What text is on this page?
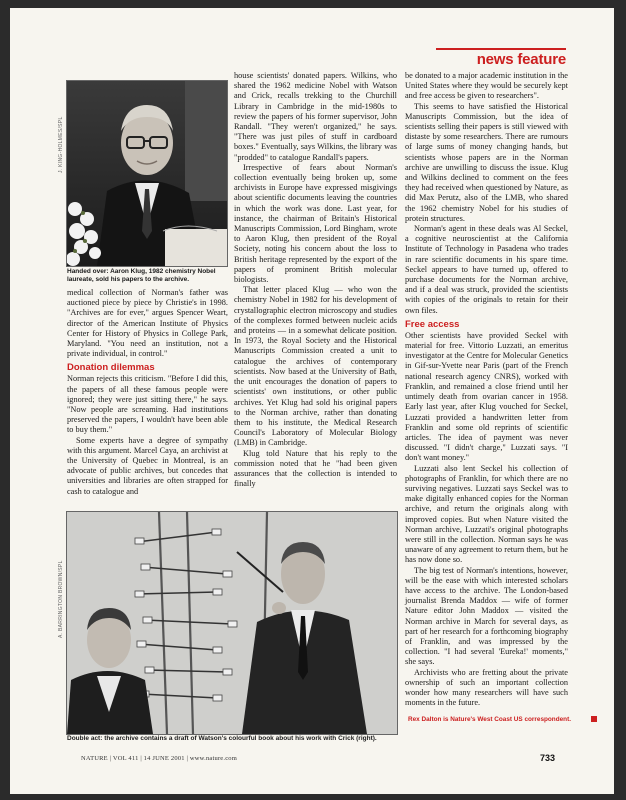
news feature
J. KING-HOLMES/SPL
Handed over: Aaron Klug, 1982 chemistry Nobel laureate, sold his papers to the archive.

medical collection of Norman's father was auctioned piece by piece by Christie's in 1998. "Archives are for ever," argues Spencer Weart, director of the American Institute of Physics Center for History of Physics in College Park, Maryland. "You need an institution, not a private individual, in control."

Donation dilemmas

Norman rejects this criticism. "Before I did this, the papers of all these famous people were ignored; they were just sitting there," he says. "Now people are screaming. Had institutions preserved the papers, I wouldn't have been able to buy them."

Some experts have a degree of sympathy with this argument. Marcel Caya, an archivist at the University of Quebec in Montreal, is an advocate of public archives, but concedes that universities and libraries are often strapped for cash to catalogue and

house scientists' donated papers. Wilkins, who shared the 1962 medicine Nobel with Watson and Crick, recalls trekking to the Churchill Library in Cambridge in the mid-1980s to review the papers of his former supervisor, John Randall. "They weren't organized," he says. "There was just piles of stuff in cardboard boxes." Eventually, says Wilkins, the library was "prodded" to catalogue Randall's papers.

Irrespective of fears about Norman's collection eventually being broken up, some archivists in Europe have expressed misgivings about scientific documents leaving the countries in which the work was done. Last year, for instance, the chairman of Britain's Historical Manuscripts Commission, Lord Bingham, wrote to Aaron Klug, then president of the Royal Society, noting his concern about the loss to British heritage represented by the export of the papers of prominent British molecular biologists.

That letter placed Klug — who won the chemistry Nobel in 1982 for his development of crystallographic electron microscopy and studies of the complexes formed between nucleic acids and proteins — in a somewhat delicate position. In 1973, the Royal Society and the Historical Manuscripts Commission created a unit to catalogue the archives of contemporary scientists. Now based at the University of Bath, the unit encourages the donation of papers to scientists' own institutions, or other public archives. Yet Klug had sold his original papers to the Norman archive, rather than donating them to his institute, the Medical Research Council's Laboratory of Molecular Biology (LMB) in Cambridge.

Klug told Nature that his reply to the commission noted that he "had been given assurances that the collection is intended to finally

be donated to a major academic institution in the United States where they would be securely kept and free access be given to researchers".

This seems to have satisfied the Historical Manuscripts Commission, but the idea of scientists selling their papers is still viewed with distaste by some researchers. There are rumours of large sums of money changing hands, but scientists whose papers are in the Norman archive are unwilling to discuss the issue. Klug and Wilkins declined to comment on the fees they had received when questioned by Nature, as did Max Perutz, also of the LMB, who shared the 1962 chemistry Nobel for his studies of protein structures.

Norman's agent in these deals was Al Seckel, a cognitive neuroscientist at the California Institute of Technology in Pasadena who trades in rare scientific documents in his spare time. Seckel appears to have turned up, offered to purchase documents for the Norman archive, and if a deal was struck, provided the scientists with copies of the originals to retain for their own files.

Free access

Other scientists have provided Seckel with material for free. Vittorio Luzzati, an emeritus investigator at the Centre for Molecular Genetics in Gif-sur-Yvette near Paris (part of the French national research agency CNRS), worked with Franklin, and remained a close friend until her untimely death from ovarian cancer in 1958. Early last year, after Klug vouched for Seckel, Luzzati provided a handwritten letter from Franklin and some old reprints of scientific articles. The idea of payment was never discussed. "I didn't charge," Luzzati says. "I don't want money."

Luzzati also lent Seckel his collection of photographs of Franklin, for which there are no surviving negatives. Luzzati says Seckel was to make digitally enhanced copies for the Norman archive, and return the originals along with improved copies. But when Nature visited the Norman archive, Luzzati's original photographs were still in the collection. Norman says he was unaware of any agreement to return them, but he has now done so.

The big test of Norman's intentions, however, will be the ease with which interested scholars have access to the archive. The London-based journalist Brenda Maddox — wife of former Nature editor John Maddox — visited the Norman archive in March for several days, as part of her research for a forthcoming biography of Franklin, and was impressed by the collection. "I had several 'Eureka!' moments," she says.

Archivists who are fretting about the private ownership of such an important collection wonder how many researchers will have such moments in the future.

A. BARRINGTON BROWN/SPL
Double act: the archive contains a draft of Watson's colourful book about his work with Crick (right).
Rex Dalton is Nature's West Coast US correspondent.
NATURE | VOL 411 | 14 JUNE 2001 | www.nature.com	733
